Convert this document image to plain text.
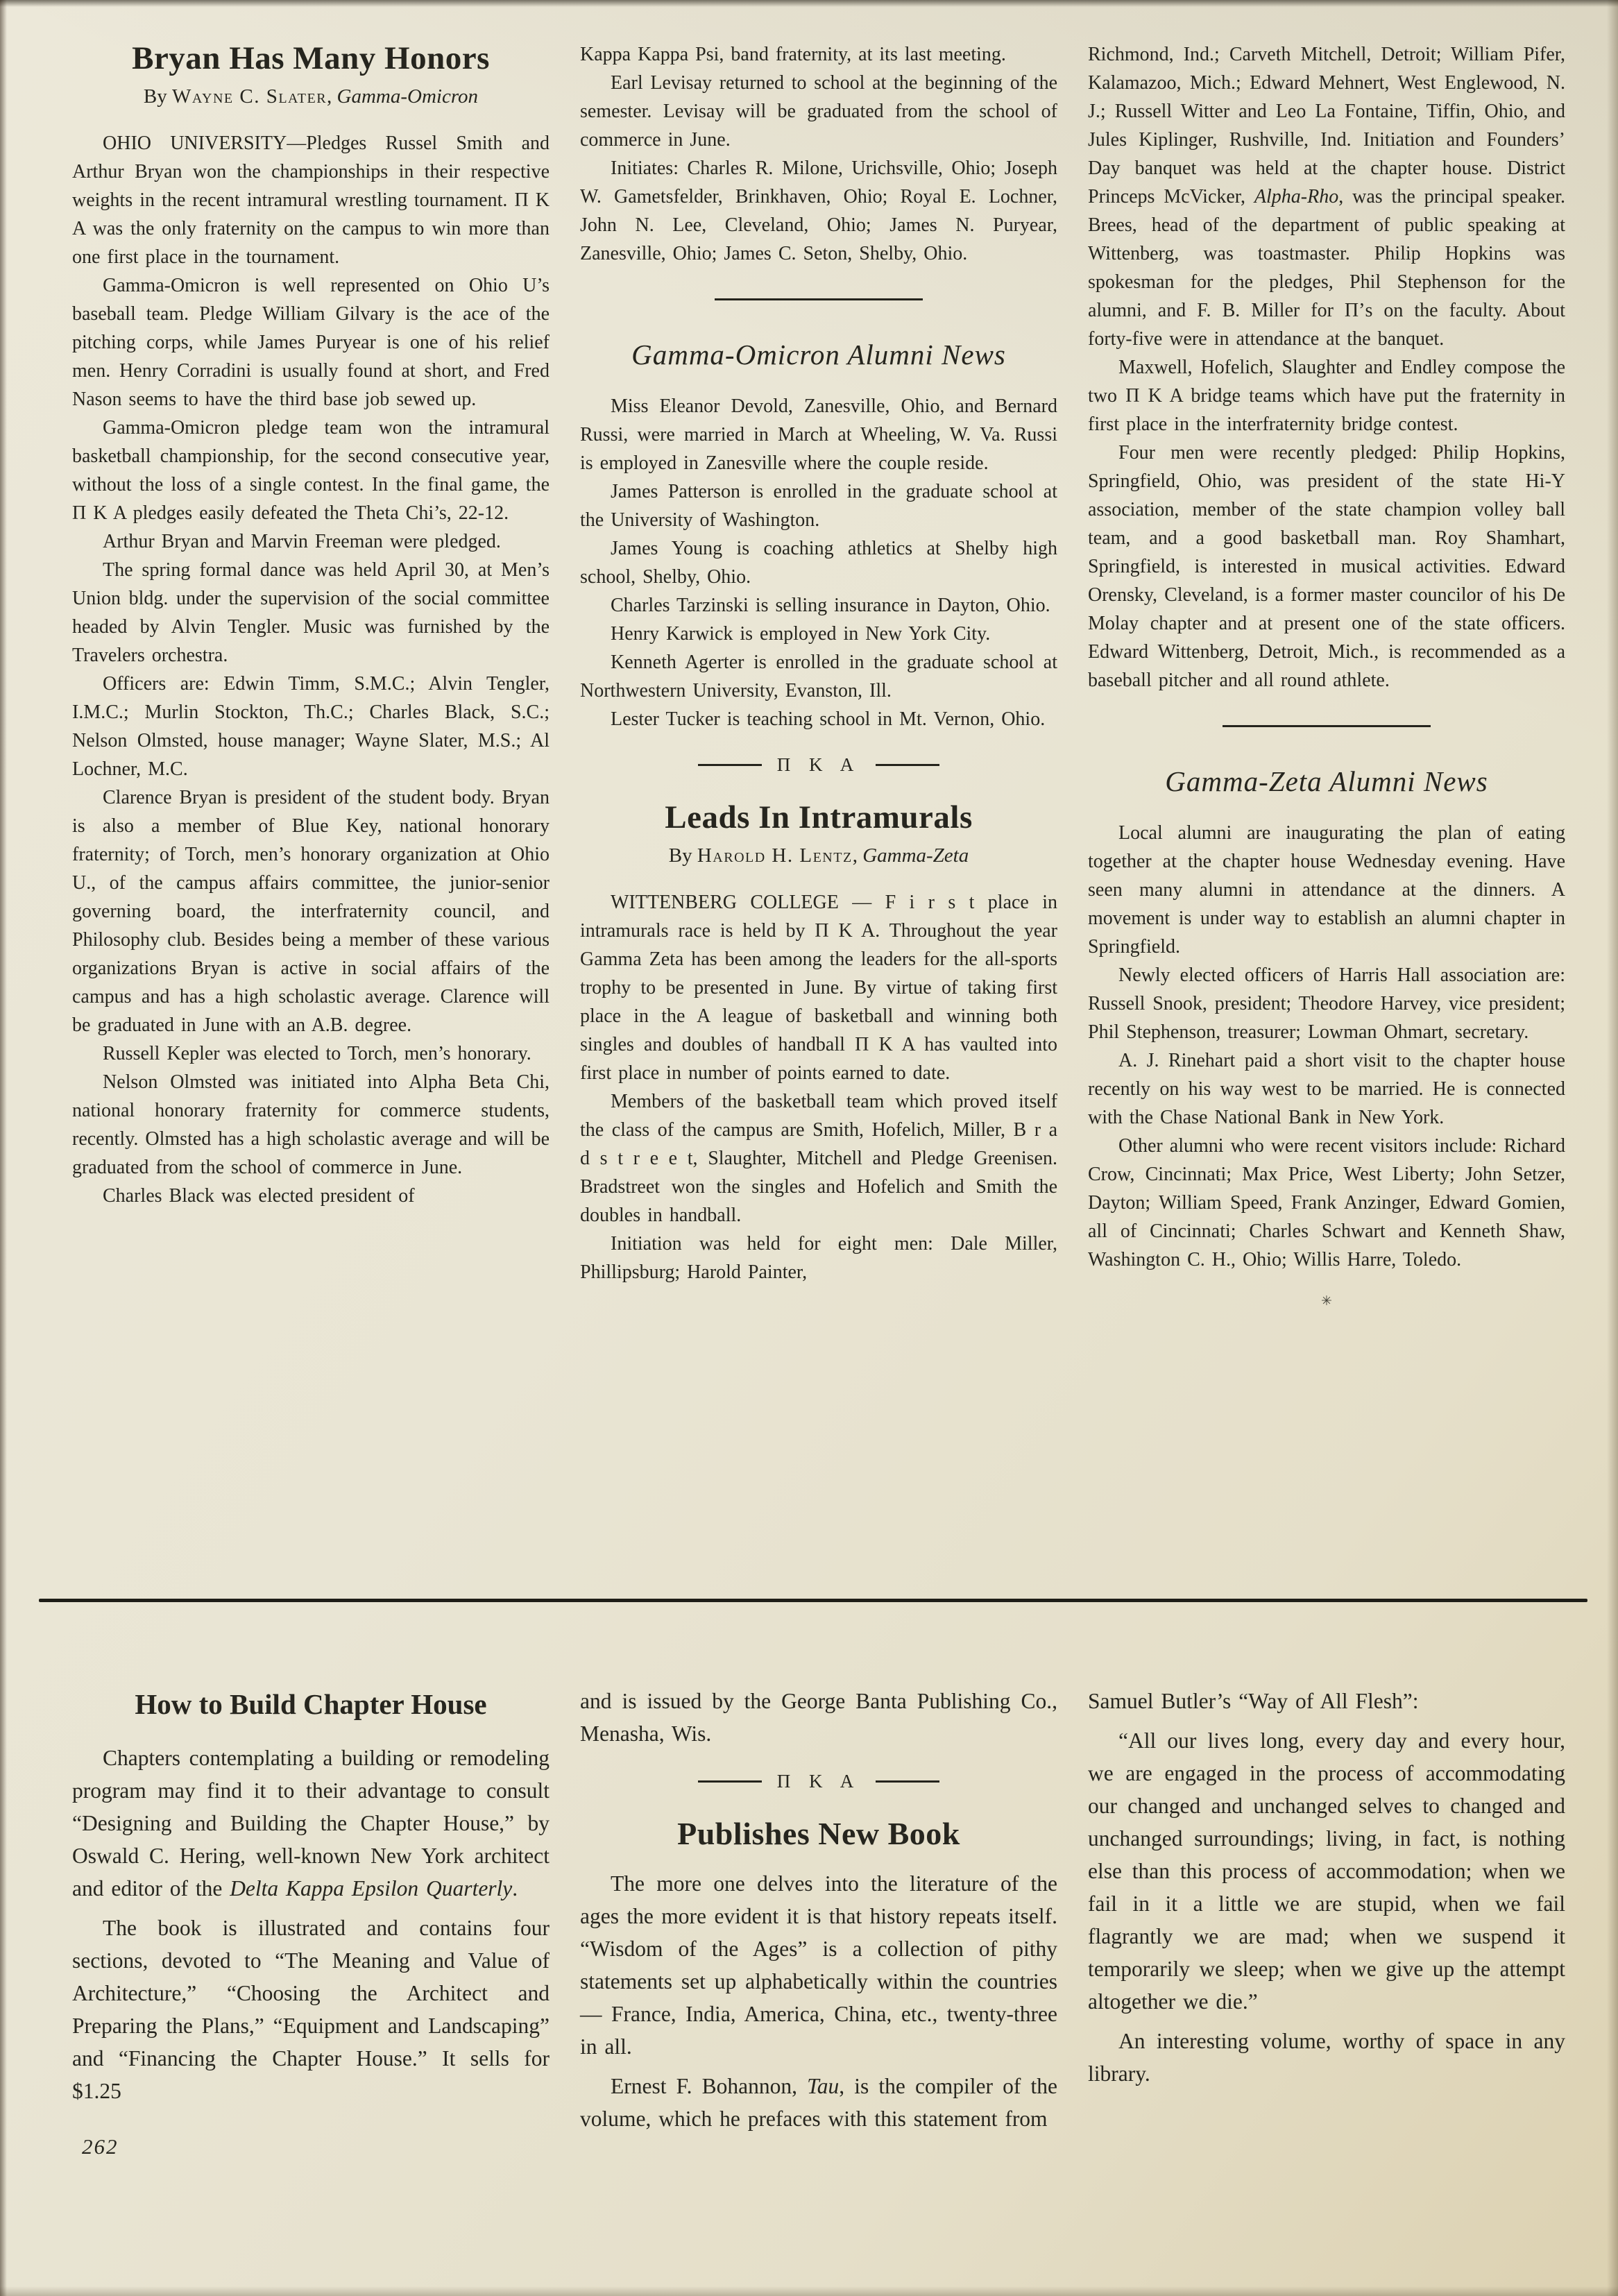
Bryan Has Many Honors
By Wayne C. Slater, Gamma-Omicron

OHIO UNIVERSITY—Pledges Russel Smith and Arthur Bryan won the championships in their respective weights in the recent intramural wrestling tournament. Π K A was the only fraternity on the campus to win more than one first place in the tournament.

Gamma-Omicron is well represented on Ohio U’s baseball team. Pledge William Gilvary is the ace of the pitching corps, while James Puryear is one of his relief men. Henry Corradini is usually found at short, and Fred Nason seems to have the third base job sewed up.

Gamma-Omicron pledge team won the intramural basketball championship, for the second consecutive year, without the loss of a single contest. In the final game, the Π K A pledges easily defeated the Theta Chi’s, 22-12.

Arthur Bryan and Marvin Freeman were pledged.

The spring formal dance was held April 30, at Men’s Union bldg. under the supervision of the social committee headed by Alvin Tengler. Music was furnished by the Travelers orchestra.

Officers are: Edwin Timm, S.M.C.; Alvin Tengler, I.M.C.; Murlin Stockton, Th.C.; Charles Black, S.C.; Nelson Olmsted, house manager; Wayne Slater, M.S.; Al Lochner, M.C.

Clarence Bryan is president of the student body. Bryan is also a member of Blue Key, national honorary fraternity; of Torch, men’s honorary organization at Ohio U., of the campus affairs committee, the junior-senior governing board, the interfraternity council, and Philosophy club. Besides being a member of these various organizations Bryan is active in social affairs of the campus and has a high scholastic average. Clarence will be graduated in June with an A.B. degree.

Russell Kepler was elected to Torch, men’s honorary.

Nelson Olmsted was initiated into Alpha Beta Chi, national honorary fraternity for commerce students, recently. Olmsted has a high scholastic average and will be graduated from the school of commerce in June.

Charles Black was elected president of

Kappa Kappa Psi, band fraternity, at its last meeting.

Earl Levisay returned to school at the beginning of the semester. Levisay will be graduated from the school of commerce in June.

Initiates: Charles R. Milone, Urichsville, Ohio; Joseph W. Gametsfelder, Brinkhaven, Ohio; Royal E. Lochner, John N. Lee, Cleveland, Ohio; James N. Puryear, Zanesville, Ohio; James C. Seton, Shelby, Ohio.

Gamma-Omicron Alumni News

Miss Eleanor Devold, Zanesville, Ohio, and Bernard Russi, were married in March at Wheeling, W. Va. Russi is employed in Zanesville where the couple reside.

James Patterson is enrolled in the graduate school at the University of Washington.

James Young is coaching athletics at Shelby high school, Shelby, Ohio.

Charles Tarzinski is selling insurance in Dayton, Ohio.

Henry Karwick is employed in New York City.

Kenneth Agerter is enrolled in the graduate school at Northwestern University, Evanston, Ill.

Lester Tucker is teaching school in Mt. Vernon, Ohio.

Π K A
Leads In Intramurals
By Harold H. Lentz, Gamma-Zeta

WITTENBERG COLLEGE — F i r s t place in intramurals race is held by Π K A. Throughout the year Gamma Zeta has been among the leaders for the all-sports trophy to be presented in June. By virtue of taking first place in the A league of basketball and winning both singles and doubles of handball Π K A has vaulted into first place in number of points earned to date.

Members of the basketball team which proved itself the class of the campus are Smith, Hofelich, Miller, B r a d s t r e e t, Slaughter, Mitchell and Pledge Greenisen. Bradstreet won the singles and Hofelich and Smith the doubles in handball.

Initiation was held for eight men: Dale Miller, Phillipsburg; Harold Painter,

Richmond, Ind.; Carveth Mitchell, Detroit; William Pifer, Kalamazoo, Mich.; Edward Mehnert, West Englewood, N. J.; Russell Witter and Leo La Fontaine, Tiffin, Ohio, and Jules Kiplinger, Rushville, Ind. Initiation and Founders’ Day banquet was held at the chapter house. District Princeps McVicker, Alpha-Rho, was the principal speaker. Brees, head of the department of public speaking at Wittenberg, was toastmaster. Philip Hopkins was spokesman for the pledges, Phil Stephenson for the alumni, and F. B. Miller for Π’s on the faculty. About forty-five were in attendance at the banquet.

Maxwell, Hofelich, Slaughter and Endley compose the two Π K A bridge teams which have put the fraternity in first place in the interfraternity bridge contest.

Four men were recently pledged: Philip Hopkins, Springfield, Ohio, was president of the state Hi-Y association, member of the state champion volley ball team, and a good basketball man. Roy Shamhart, Springfield, is interested in musical activities. Edward Orensky, Cleveland, is a former master councilor of his De Molay chapter and at present one of the state officers. Edward Wittenberg, Detroit, Mich., is recommended as a baseball pitcher and all round athlete.

Gamma-Zeta Alumni News

Local alumni are inaugurating the plan of eating together at the chapter house Wednesday evening. Have seen many alumni in attendance at the dinners. A movement is under way to establish an alumni chapter in Springfield.

Newly elected officers of Harris Hall association are: Russell Snook, president; Theodore Harvey, vice president; Phil Stephenson, treasurer; Lowman Ohmart, secretary.

A. J. Rinehart paid a short visit to the chapter house recently on his way west to be married. He is connected with the Chase National Bank in New York.

Other alumni who were recent visitors include: Richard Crow, Cincinnati; Max Price, West Liberty; John Setzer, Dayton; William Speed, Frank Anzinger, Edward Gomien, all of Cincinnati; Charles Schwart and Kenneth Shaw, Washington C. H., Ohio; Willis Harre, Toledo.

✳
How to Build Chapter House

Chapters contemplating a building or remodeling program may find it to their advantage to consult “Designing and Building the Chapter House,” by Oswald C. Hering, well-known New York architect and editor of the Delta Kappa Epsilon Quarterly.

The book is illustrated and contains four sections, devoted to “The Meaning and Value of Architecture,” “Choosing the Architect and Preparing the Plans,” “Equipment and Landscaping” and “Financing the Chapter House.” It sells for $1.25

and is issued by the George Banta Publishing Co., Menasha, Wis.

Π K A
Publishes New Book

The more one delves into the literature of the ages the more evident it is that history repeats itself. “Wisdom of the Ages” is a collection of pithy statements set up alphabetically within the countries — France, India, America, China, etc., twenty-three in all.

Ernest F. Bohannon, Tau, is the compiler of the volume, which he prefaces with this statement from

Samuel Butler’s “Way of All Flesh”:

“All our lives long, every day and every hour, we are engaged in the process of accommodating our changed and unchanged selves to changed and unchanged surroundings; living, in fact, is nothing else than this process of accommodation; when we fail in it a little we are stupid, when we fail flagrantly we are mad; when we suspend it temporarily we sleep; when we give up the attempt altogether we die.”

An interesting volume, worthy of space in any library.

262
